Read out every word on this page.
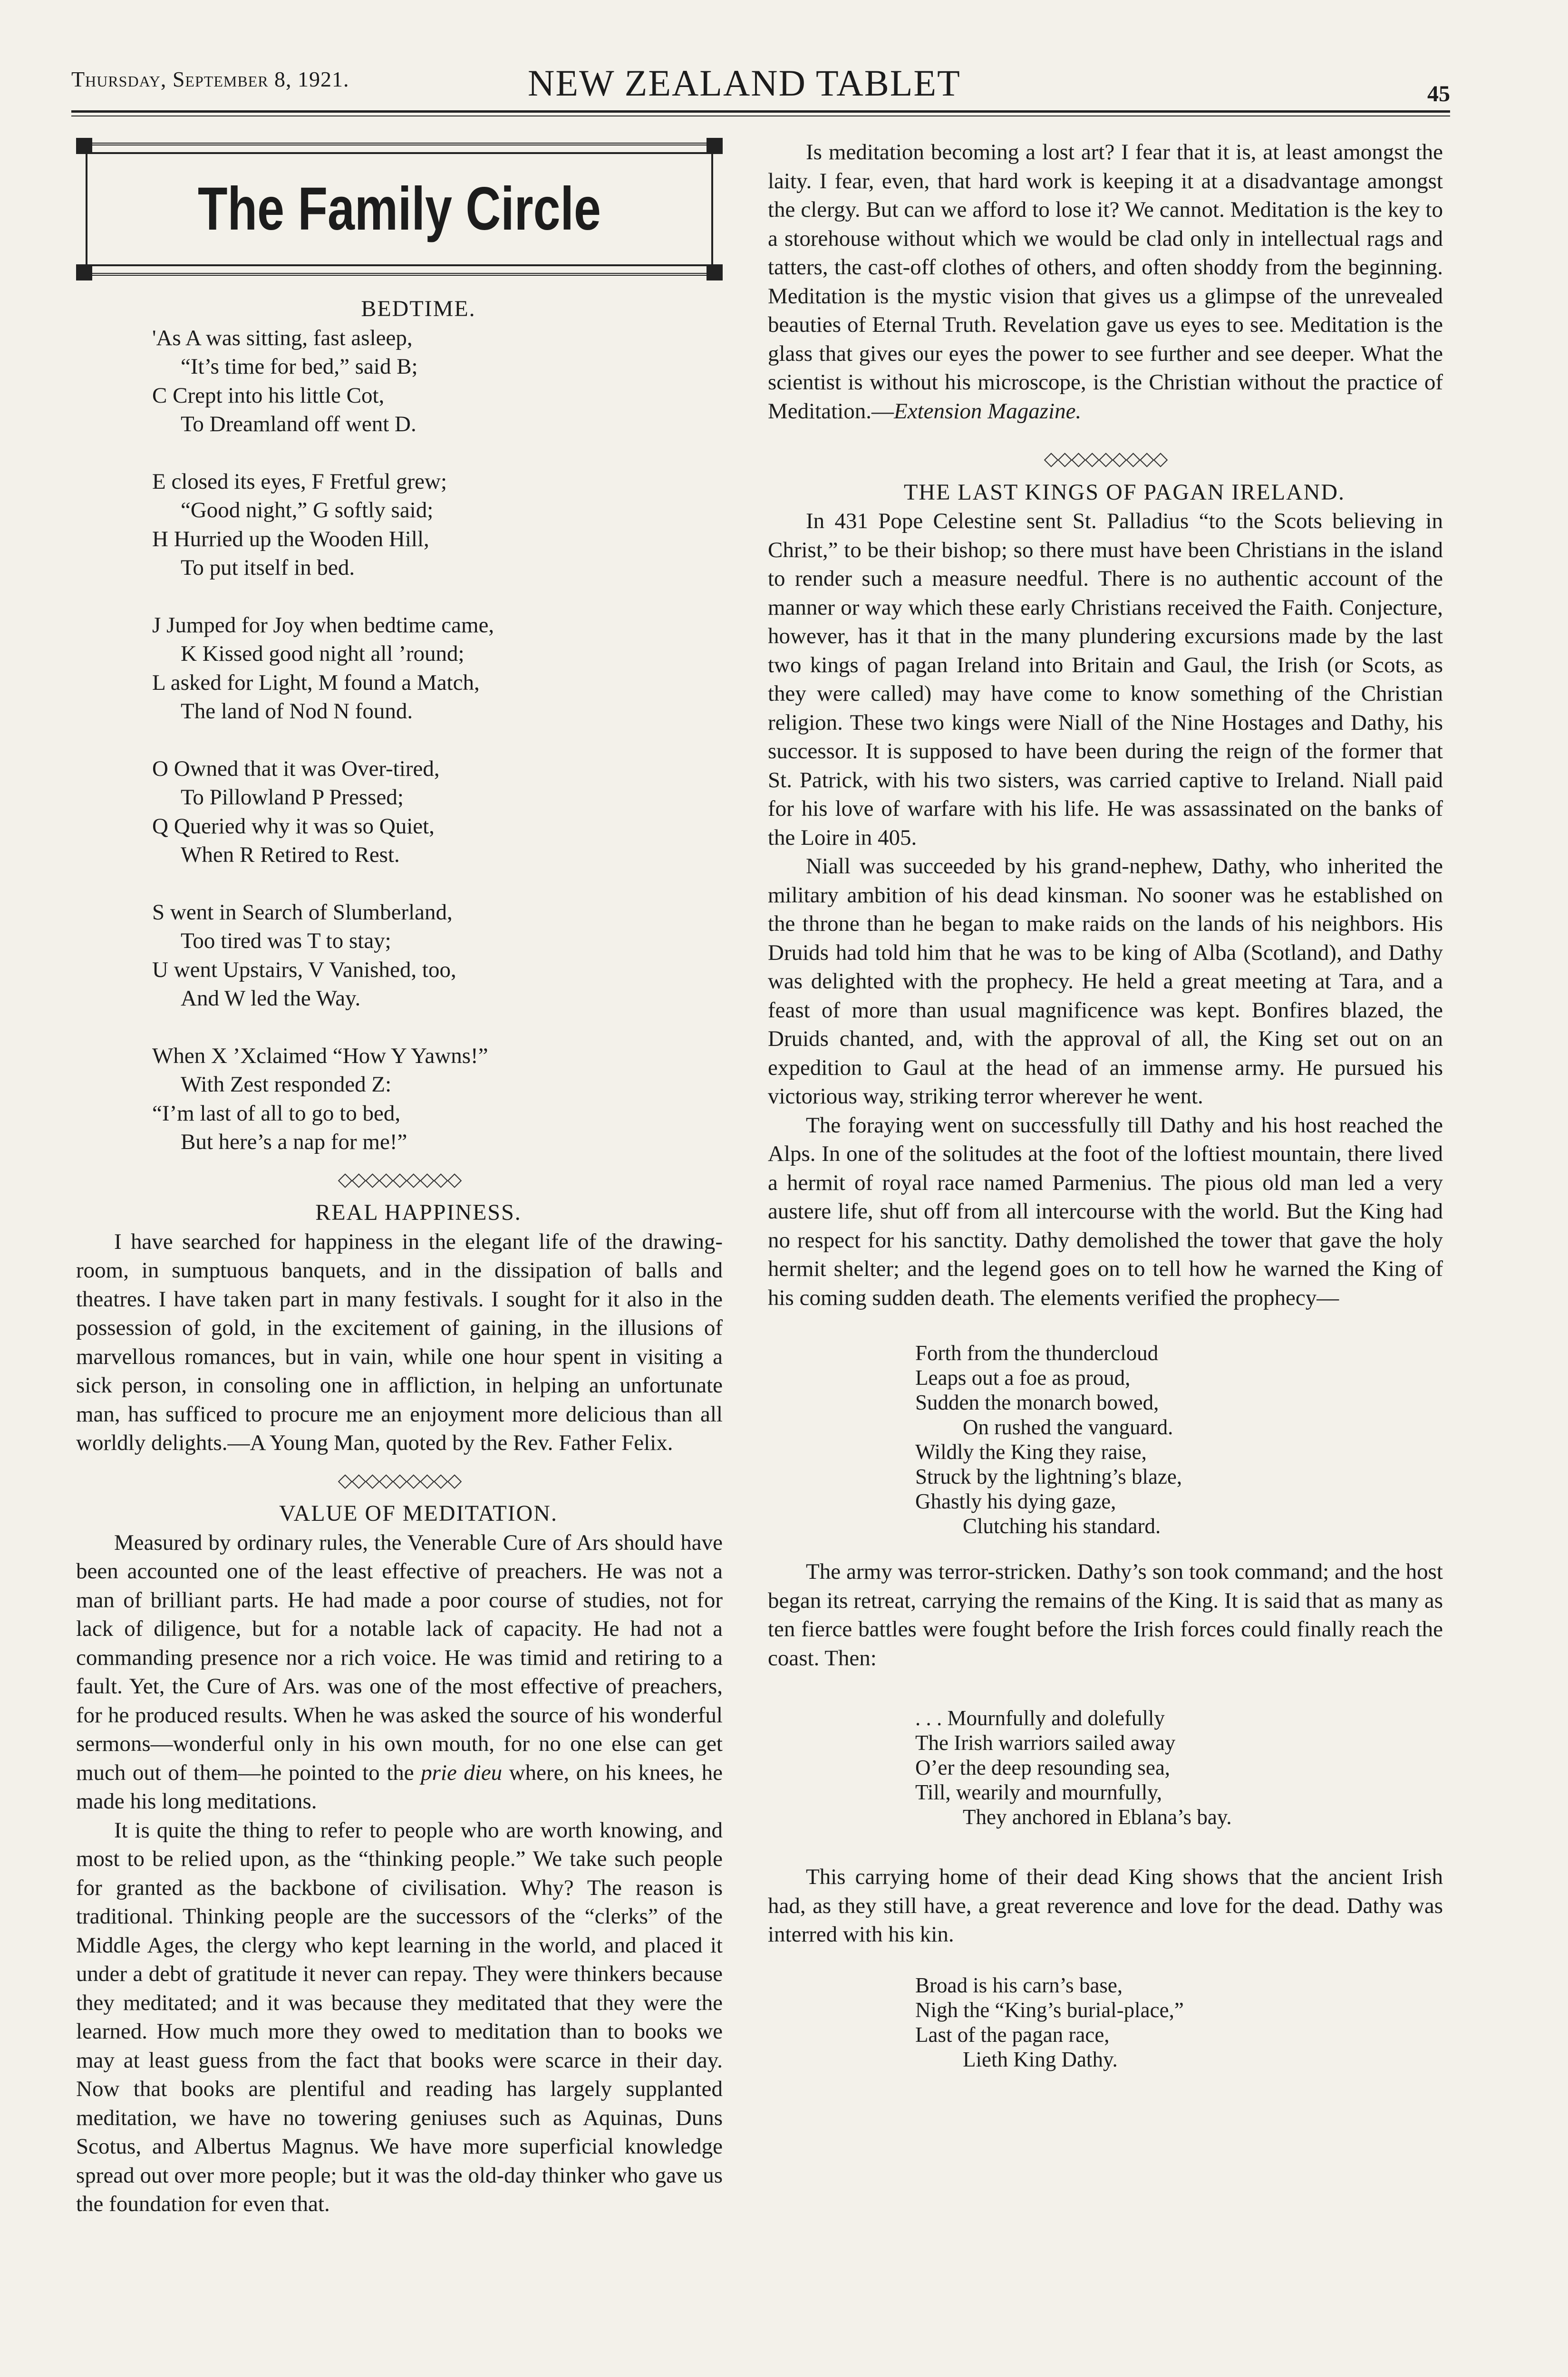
Thursday, September 8, 1921.	NEW ZEALAND TABLET	45
The Family Circle

BEDTIME.

'As A was sitting, fast asleep,
“It’s time for bed,” said B;
C Crept into his little Cot,
To Dreamland off went D.
E closed its eyes, F Fretful grew;
“Good night,” G softly said;
H Hurried up the Wooden Hill,
To put itself in bed.
J Jumped for Joy when bedtime came,
K Kissed good night all ’round;
L asked for Light, M found a Match,
The land of Nod N found.
O Owned that it was Over-tired,
To Pillowland P Pressed;
Q Queried why it was so Quiet,
When R Retired to Rest.
S went in Search of Slumberland,
Too tired was T to stay;
U went Upstairs, V Vanished, too,
And W led the Way.
When X ’Xclaimed “How Y Yawns!”
With Zest responded Z:
“I’m last of all to go to bed,
But here’s a nap for me!”
◇◇◇◇◇◇◇◇◇

REAL HAPPINESS.

I have searched for happiness in the elegant life of the drawing-room, in sumptuous banquets, and in the dissipation of balls and theatres. I have taken part in many festivals. I sought for it also in the possession of gold, in the excitement of gaining, in the illusions of marvellous romances, but in vain, while one hour spent in visiting a sick person, in consoling one in affliction, in helping an unfortunate man, has sufficed to procure me an enjoyment more delicious than all worldly delights.—A Young Man, quoted by the Rev. Father Felix.

◇◇◇◇◇◇◇◇◇

VALUE OF MEDITATION.

Measured by ordinary rules, the Venerable Cure of Ars should have been accounted one of the least effective of preachers. He was not a man of brilliant parts. He had made a poor course of studies, not for lack of diligence, but for a notable lack of capacity. He had not a commanding presence nor a rich voice. He was timid and retiring to a fault. Yet, the Cure of Ars. was one of the most effective of preachers, for he produced results. When he was asked the source of his wonderful sermons—wonderful only in his own mouth, for no one else can get much out of them—he pointed to the prie dieu where, on his knees, he made his long meditations.

It is quite the thing to refer to people who are worth knowing, and most to be relied upon, as the “thinking people.” We take such people for granted as the backbone of civilisation. Why? The reason is traditional. Thinking people are the successors of the “clerks” of the Middle Ages, the clergy who kept learning in the world, and placed it under a debt of gratitude it never can repay. They were thinkers because they meditated; and it was because they meditated that they were the learned. How much more they owed to meditation than to books we may at least guess from the fact that books were scarce in their day. Now that books are plentiful and reading has largely supplanted meditation, we have no towering geniuses such as Aquinas, Duns Scotus, and Albertus Magnus. We have more superficial knowledge spread out over more people; but it was the old-day thinker who gave us the foundation for even that.

Is meditation becoming a lost art? I fear that it is, at least amongst the laity. I fear, even, that hard work is keeping it at a disadvantage amongst the clergy. But can we afford to lose it? We cannot. Meditation is the key to a storehouse without which we would be clad only in intellectual rags and tatters, the cast-off clothes of others, and often shoddy from the beginning. Meditation is the mystic vision that gives us a glimpse of the unrevealed beauties of Eternal Truth. Revelation gave us eyes to see. Meditation is the glass that gives our eyes the power to see further and see deeper. What the scientist is without his microscope, is the Christian without the practice of Meditation.—Extension Magazine.

◇◇◇◇◇◇◇◇◇

THE LAST KINGS OF PAGAN IRELAND.

In 431 Pope Celestine sent St. Palladius “to the Scots believing in Christ,” to be their bishop; so there must have been Christians in the island to render such a measure needful. There is no authentic account of the manner or way which these early Christians received the Faith. Conjecture, however, has it that in the many plundering excursions made by the last two kings of pagan Ireland into Britain and Gaul, the Irish (or Scots, as they were called) may have come to know something of the Christian religion. These two kings were Niall of the Nine Hostages and Dathy, his successor. It is supposed to have been during the reign of the former that St. Patrick, with his two sisters, was carried captive to Ireland. Niall paid for his love of warfare with his life. He was assassinated on the banks of the Loire in 405.

Niall was succeeded by his grand-nephew, Dathy, who inherited the military ambition of his dead kinsman. No sooner was he established on the throne than he began to make raids on the lands of his neighbors. His Druids had told him that he was to be king of Alba (Scotland), and Dathy was delighted with the prophecy. He held a great meeting at Tara, and a feast of more than usual magnificence was kept. Bonfires blazed, the Druids chanted, and, with the approval of all, the King set out on an expedition to Gaul at the head of an immense army. He pursued his victorious way, striking terror wherever he went.

The foraying went on successfully till Dathy and his host reached the Alps. In one of the solitudes at the foot of the loftiest mountain, there lived a hermit of royal race named Parmenius. The pious old man led a very austere life, shut off from all intercourse with the world. But the King had no respect for his sanctity. Dathy demolished the tower that gave the holy hermit shelter; and the legend goes on to tell how he warned the King of his coming sudden death. The elements verified the prophecy—

Forth from the thundercloud
Leaps out a foe as proud,
Sudden the monarch bowed,
On rushed the vanguard.
Wildly the King they raise,
Struck by the lightning’s blaze,
Ghastly his dying gaze,
Clutching his standard.

The army was terror-stricken. Dathy’s son took command; and the host began its retreat, carrying the remains of the King. It is said that as many as ten fierce battles were fought before the Irish forces could finally reach the coast. Then:

. . . Mournfully and dolefully
The Irish warriors sailed away
O’er the deep resounding sea,
Till, wearily and mournfully,
They anchored in Eblana’s bay.

This carrying home of their dead King shows that the ancient Irish had, as they still have, a great reverence and love for the dead. Dathy was interred with his kin.

Broad is his carn’s base,
Nigh the “King’s burial-place,”
Last of the pagan race,
Lieth King Dathy.
